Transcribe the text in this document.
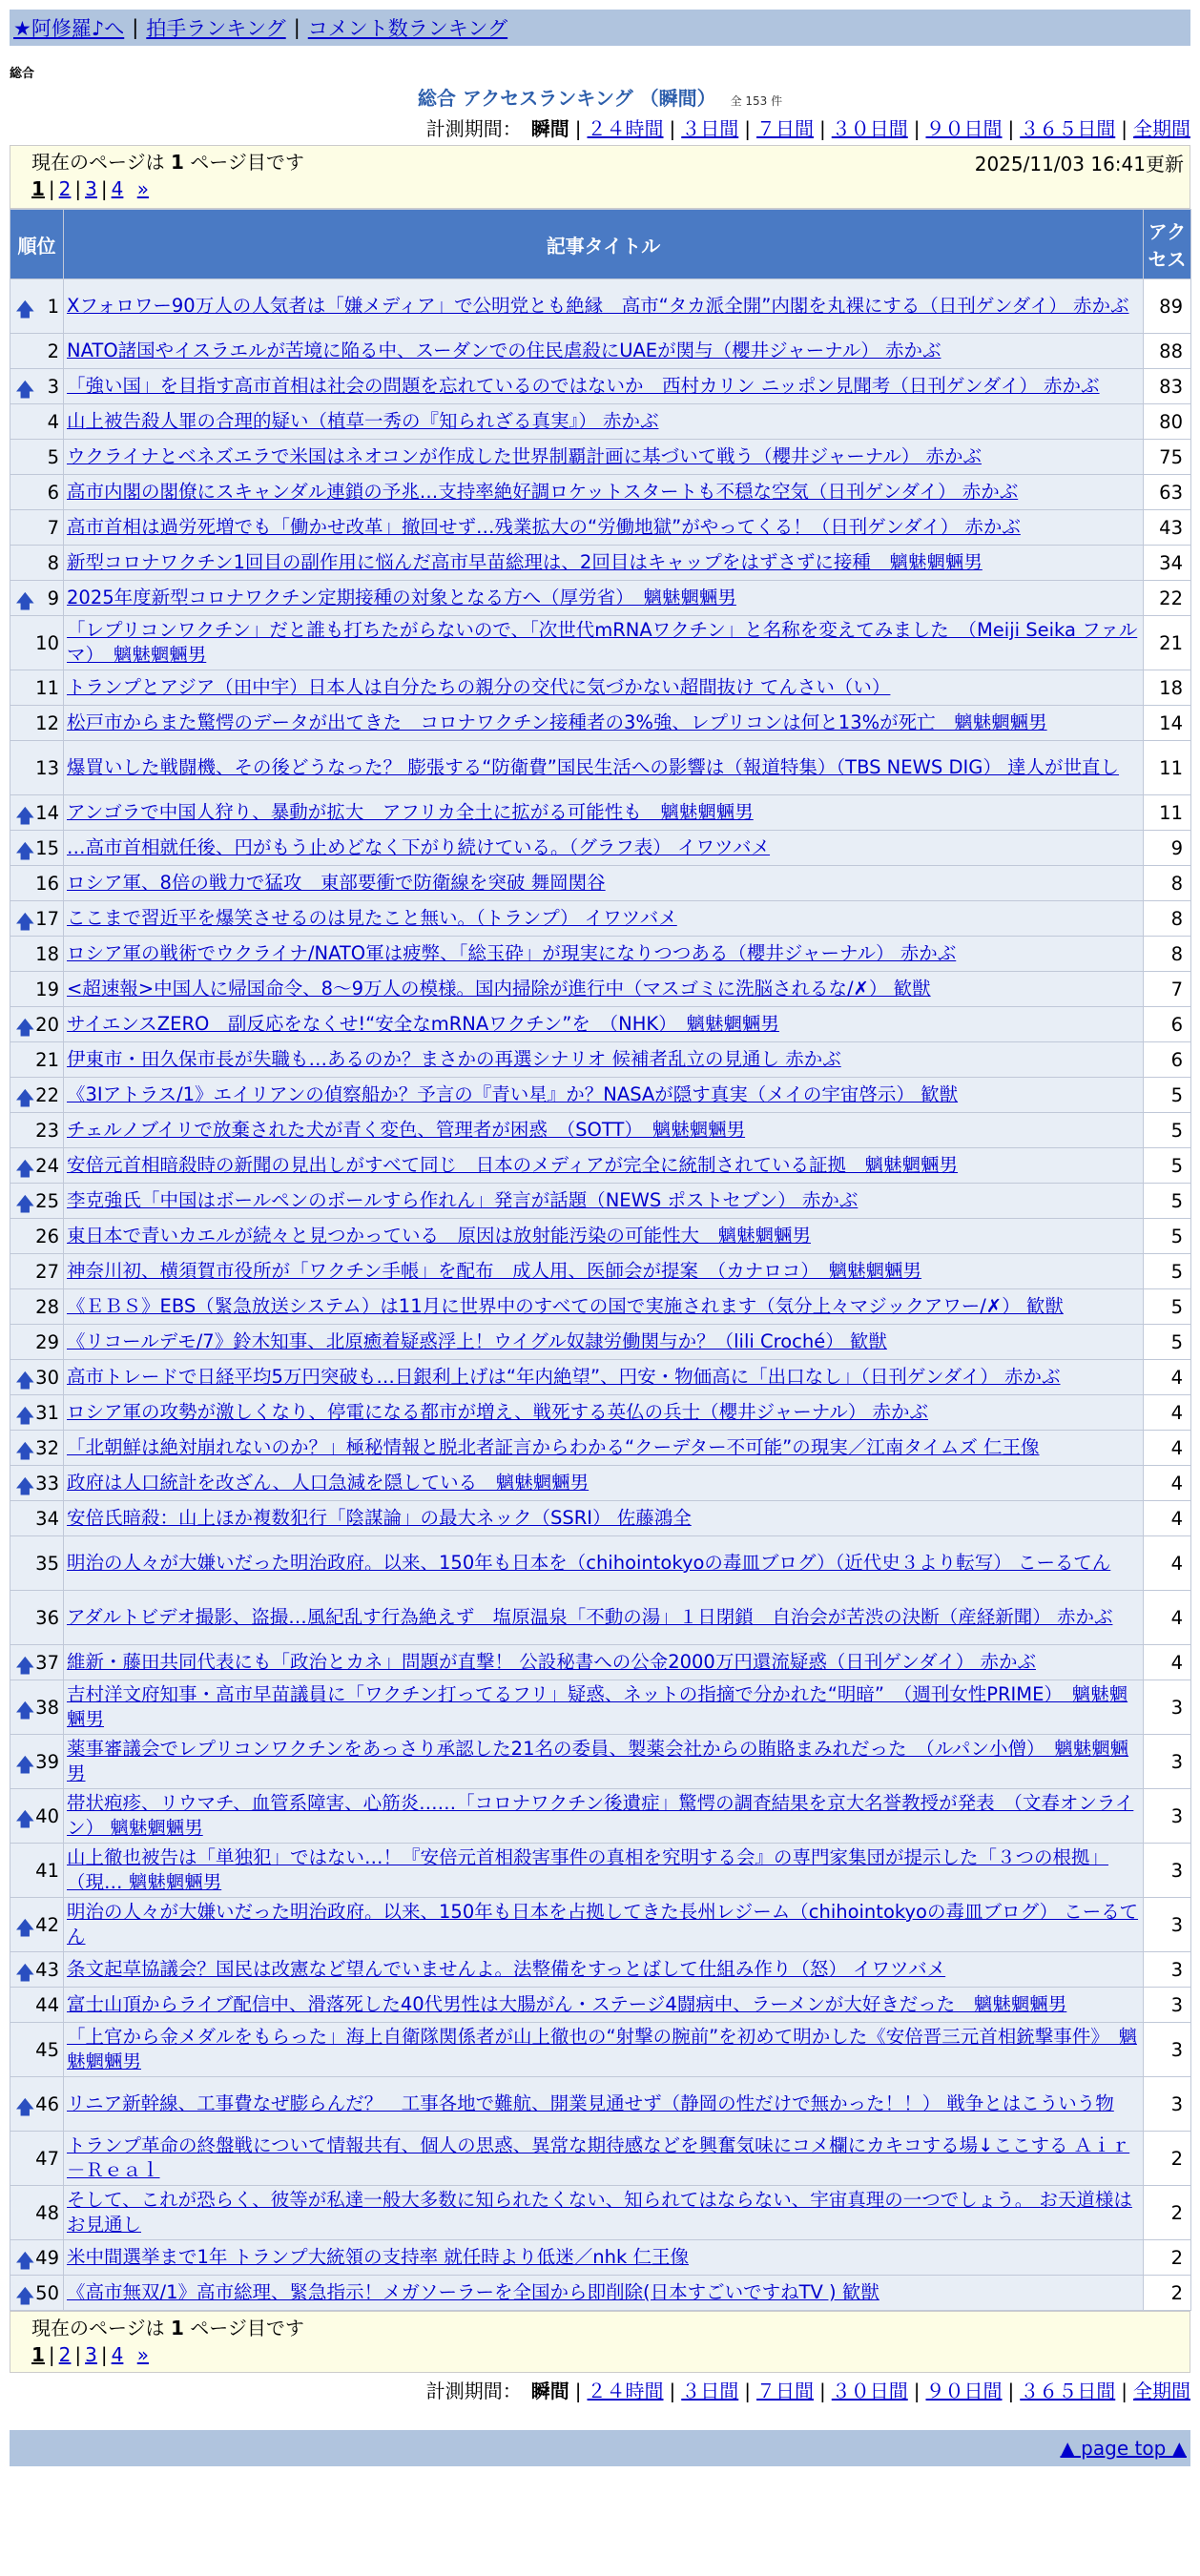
★阿修羅♪へ | 拍手ランキング | コメント数ランキング
総合
総合 アクセスランキング （瞬間） 全 153 件
計測期間： 瞬間 | ２４時間 | ３日間 | ７日間 | ３０日間 | ９０日間 | ３６５日間 | 全期間
現在のページは 1 ページ目です	2025/11/03 16:41更新
1 | 2 | 3 | 4 »
順位	記事タイトル	アクセス

🡅 1	Xフォロワー90万人の人気者は「嫌メディア」で公明党とも絶縁　高市“タカ派全開”内閣を丸裸にする（日刊ゲンダイ） 赤かぶ	89
2	NATO諸国やイスラエルが苦境に陥る中、スーダンでの住民虐殺にUAEが関与（櫻井ジャーナル） 赤かぶ	88

🡅 3	「強い国」を目指す高市首相は社会の問題を忘れているのではないか　西村カリン ニッポン見聞考（日刊ゲンダイ） 赤かぶ	83
4	山上被告殺人罪の合理的疑い（植草一秀の『知られざる真実』） 赤かぶ	80
5	ウクライナとベネズエラで米国はネオコンが作成した世界制覇計画に基づいて戦う（櫻井ジャーナル） 赤かぶ	75
6	高市内閣の閣僚にスキャンダル連鎖の予兆…支持率絶好調ロケットスタートも不穏な空気（日刊ゲンダイ） 赤かぶ	63
7	高市首相は過労死増でも「働かせ改革」撤回せず…残業拡大の“労働地獄”がやってくる！（日刊ゲンダイ） 赤かぶ	43
8	新型コロナワクチン1回目の副作用に悩んだ高市早苗総理は、2回目はキャップをはずさずに接種　魑魅魍魎男	34

🡅 9	2025年度新型コロナワクチン定期接種の対象となる方へ（厚労省）　魑魅魍魎男	22
10	「レプリコンワクチン」だと誰も打ちたがらないので、「次世代mRNAワクチン」と名称を変えてみました　（Meiji Seika ファルマ）　魑魅魍魎男	21
11	トランプとアジア（田中宇）日本人は自分たちの親分の交代に気づかない超間抜け てんさい（い）	18
12	松戸市からまた驚愕のデータが出てきた　コロナワクチン接種者の3%強、レプリコンは何と13%が死亡　魑魅魍魎男	14
13	爆買いした戦闘機、その後どうなった？ 膨張する“防衛費”国民生活への影響は（報道特集）（TBS NEWS DIG） 達人が世直し	11

🡅 14	アンゴラで中国人狩り、暴動が拡大　アフリカ全土に拡がる可能性も　魑魅魍魎男	11

🡅 15	…高市首相就任後、円がもう止めどなく下がり続けている。（グラフ表） イワツバメ	9
16	ロシア軍、8倍の戦力で猛攻　東部要衝で防衛線を突破 舞岡関谷	8

🡅 17	ここまで習近平を爆笑させるのは見たこと無い。（トランプ） イワツバメ	8
18	ロシア軍の戦術でウクライナ/NATO軍は疲弊、「総玉砕」が現実になりつつある（櫻井ジャーナル） 赤かぶ	8
19	<超速報>中国人に帰国命令、8～9万人の模様。国内掃除が進行中（マスゴミに洗脳されるな/✗） 歓獣	7

🡅 20	サイエンスZERO　副反応をなくせ!“安全なmRNAワクチン”を　（NHK）　魑魅魍魎男	6
21	伊東市・田久保市長が失職も…あるのか？まさかの再選シナリオ 候補者乱立の見通し 赤かぶ	6

🡅 22	《3Iアトラス/1》エイリアンの偵察船か？予言の『青い星』か？NASAが隠す真実（メイの宇宙啓示） 歓獣	5
23	チェルノブイリで放棄された犬が青く変色、管理者が困惑　（SOTT）　魑魅魍魎男	5

🡅 24	安倍元首相暗殺時の新聞の見出しがすべて同じ　日本のメディアが完全に統制されている証拠　魑魅魍魎男	5

🡅 25	李克強氏「中国はボールペンのボールすら作れん」発言が話題（NEWS ポストセブン） 赤かぶ	5
26	東日本で青いカエルが続々と見つかっている　原因は放射能汚染の可能性大　魑魅魍魎男	5
27	神奈川初、横須賀市役所が「ワクチン手帳」を配布　成人用、医師会が提案　（カナロコ）　魑魅魍魎男	5
28	《ＥＢＳ》EBS（緊急放送システム）は11月に世界中のすべての国で実施されます（気分上々マジックアワー/✗） 歓獣	5
29	《リコールデモ/7》鈴木知事、北原癒着疑惑浮上！ウイグル奴隷労働関与か？（lili Croché） 歓獣	5

🡅 30	高市トレードで日経平均5万円突破も…日銀利上げは“年内絶望”、円安・物価高に「出口なし」（日刊ゲンダイ） 赤かぶ	4

🡅 31	ロシア軍の攻勢が激しくなり、停電になる都市が増え、戦死する英仏の兵士（櫻井ジャーナル） 赤かぶ	4

🡅 32	「北朝鮮は絶対崩れないのか？」極秘情報と脱北者証言からわかる“クーデター不可能”の現実／江南タイムズ 仁王像	4

🡅 33	政府は人口統計を改ざん、人口急減を隠している　魑魅魍魎男	4
34	安倍氏暗殺：山上ほか複数犯行「陰謀論」の最大ネック（SSRI） 佐藤鴻全	4
35	明治の人々が大嫌いだった明治政府。以来、150年も日本を（chihointokyoの毒皿ブログ）（近代史３より転写） こーるてん	4
36	アダルトビデオ撮影、盗撮…風紀乱す行為絶えず　塩原温泉「不動の湯」１日閉鎖　自治会が苦渋の決断（産経新聞） 赤かぶ	4

🡅 37	維新・藤田共同代表にも「政治とカネ」問題が直撃！ 公設秘書への公金2000万円還流疑惑（日刊ゲンダイ） 赤かぶ	4

🡅 38	吉村洋文府知事・高市早苗議員に「ワクチン打ってるフリ」疑惑、ネットの指摘で分かれた“明暗”　（週刊女性PRIME）　魑魅魍魎男	3

🡅 39	薬事審議会でレプリコンワクチンをあっさり承認した21名の委員、製薬会社からの賄賂まみれだった　（ルパン小僧）　魑魅魍魎男	3

🡅 40	帯状疱疹、リウマチ、血管系障害、心筋炎……「コロナワクチン後遺症」驚愕の調査結果を京大名誉教授が発表　（文春オンライン） 魑魅魍魎男	3
41	山上徹也被告は「単独犯」ではない…！『安倍元首相殺害事件の真相を究明する会』の専門家集団が提示した「３つの根拠」（現… 魑魅魍魎男	3

🡅 42	明治の人々が大嫌いだった明治政府。以来、150年も日本を占拠してきた長州レジーム（chihointokyoの毒皿ブログ） こーるてん	3

🡅 43	条文起草協議会？国民は改憲など望んでいませんよ。法整備をすっとばして仕組み作り（怒） イワツバメ	3
44	富士山頂からライブ配信中、滑落死した40代男性は大腸がん・ステージ4闘病中、ラーメンが大好きだった　魑魅魍魎男	3
45	「上官から金メダルをもらった」海上自衛隊関係者が山上徹也の“射撃の腕前”を初めて明かした《安倍晋三元首相銃撃事件》　魑魅魍魎男	3

🡅 46	リニア新幹線、工事費なぜ膨らんだ？　工事各地で難航、開業見通せず（静岡の性だけで無かった！！） 戦争とはこういう物	3
47	トランプ革命の終盤戦について情報共有、個人の思惑、異常な期待感などを興奮気味にコメ欄にカキコする場↓ここする Ａｉｒ－Ｒｅａｌ	2
48	そして、これが恐らく、彼等が私達一般大多数に知られたくない、知られてはならない、宇宙真理の一つでしょう。 お天道様はお見通し	2

🡅 49	米中間選挙まで1年 トランプ大統領の支持率 就任時より低迷／nhk 仁王像	2

🡅 50	《高市無双/1》高市総理、緊急指示！メガソーラーを全国から即削除(日本すごいですねTV ) 歓獣	2
現在のページは 1 ページ目です
1 | 2 | 3 | 4 »
計測期間： 瞬間 | ２４時間 | ３日間 | ７日間 | ３０日間 | ９０日間 | ３６５日間 | 全期間
▲ page top ▲
